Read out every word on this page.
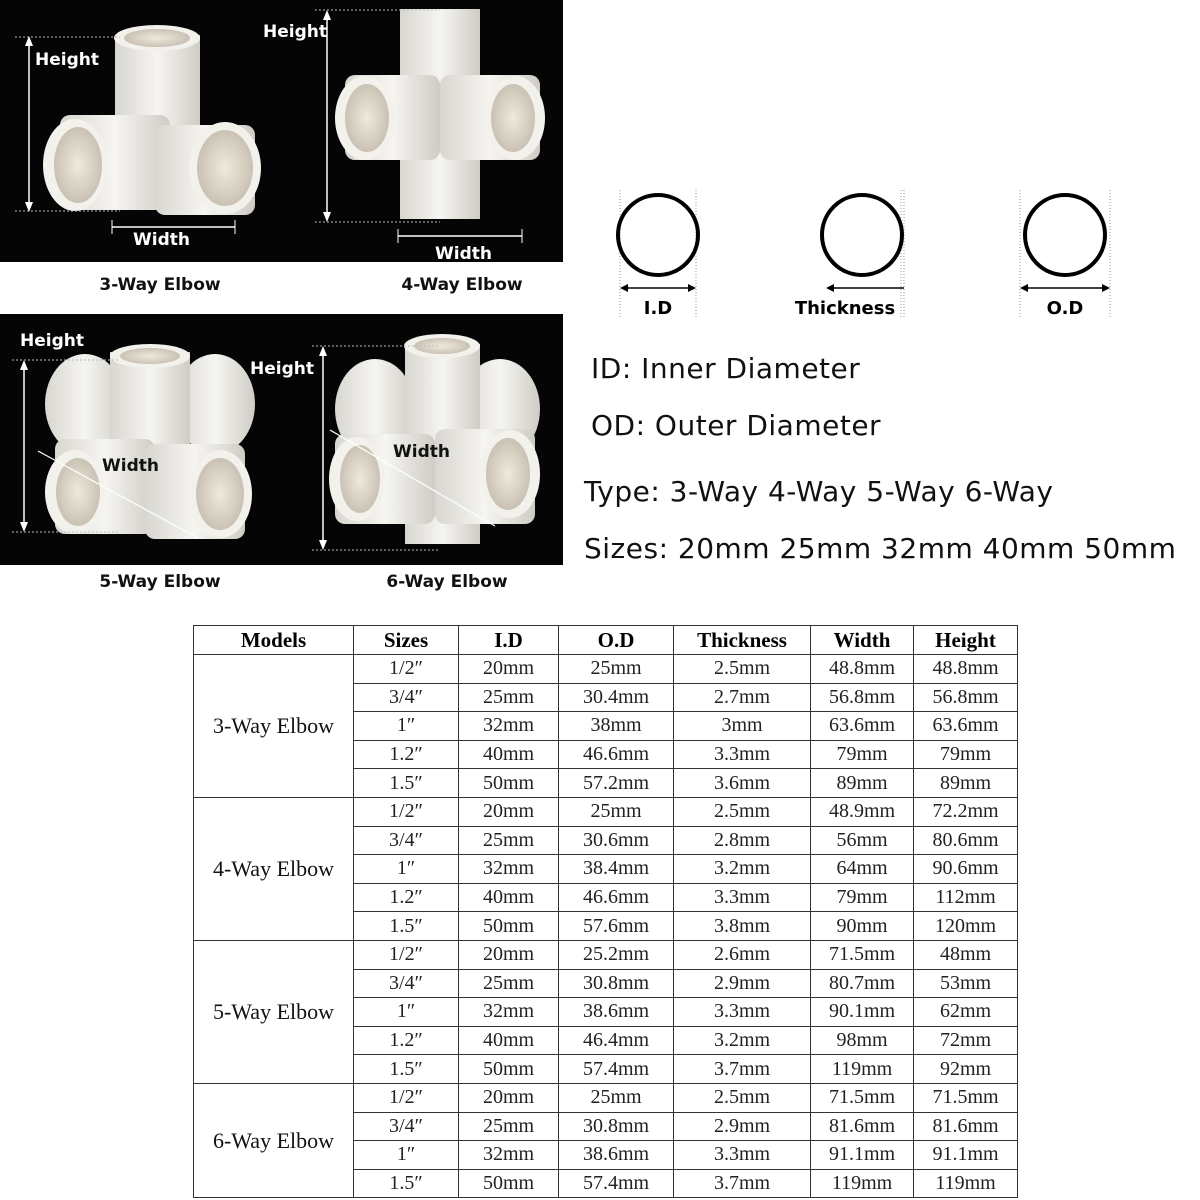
Height
Width
Height
Width
3-Way Elbow	4-Way Elbow
Height
Width
Height
Width
5-Way Elbow	6-Way Elbow
I.D	Thickness	O.D
ID: Inner Diameter
OD: Outer Diameter
Type: 3-Way 4-Way 5-Way 6-Way
Sizes: 20mm 25mm 32mm 40mm 50mm
Models	Sizes	I.D	O.D	Thickness	Width	Height
3-Way Elbow	1/2″	20mm	25mm	2.5mm	48.8mm	48.8mm
	3/4″	25mm	30.4mm	2.7mm	56.8mm	56.8mm
	1″	32mm	38mm	3mm	63.6mm	63.6mm
	1.2″	40mm	46.6mm	3.3mm	79mm	79mm
	1.5″	50mm	57.2mm	3.6mm	89mm	89mm
4-Way Elbow	1/2″	20mm	25mm	2.5mm	48.9mm	72.2mm
	3/4″	25mm	30.6mm	2.8mm	56mm	80.6mm
	1″	32mm	38.4mm	3.2mm	64mm	90.6mm
	1.2″	40mm	46.6mm	3.3mm	79mm	112mm
	1.5″	50mm	57.6mm	3.8mm	90mm	120mm
5-Way Elbow	1/2″	20mm	25.2mm	2.6mm	71.5mm	48mm
	3/4″	25mm	30.8mm	2.9mm	80.7mm	53mm
	1″	32mm	38.6mm	3.3mm	90.1mm	62mm
	1.2″	40mm	46.4mm	3.2mm	98mm	72mm
	1.5″	50mm	57.4mm	3.7mm	119mm	92mm
6-Way Elbow	1/2″	20mm	25mm	2.5mm	71.5mm	71.5mm
	3/4″	25mm	30.8mm	2.9mm	81.6mm	81.6mm
	1″	32mm	38.6mm	3.3mm	91.1mm	91.1mm
	1.5″	50mm	57.4mm	3.7mm	119mm	119mm
